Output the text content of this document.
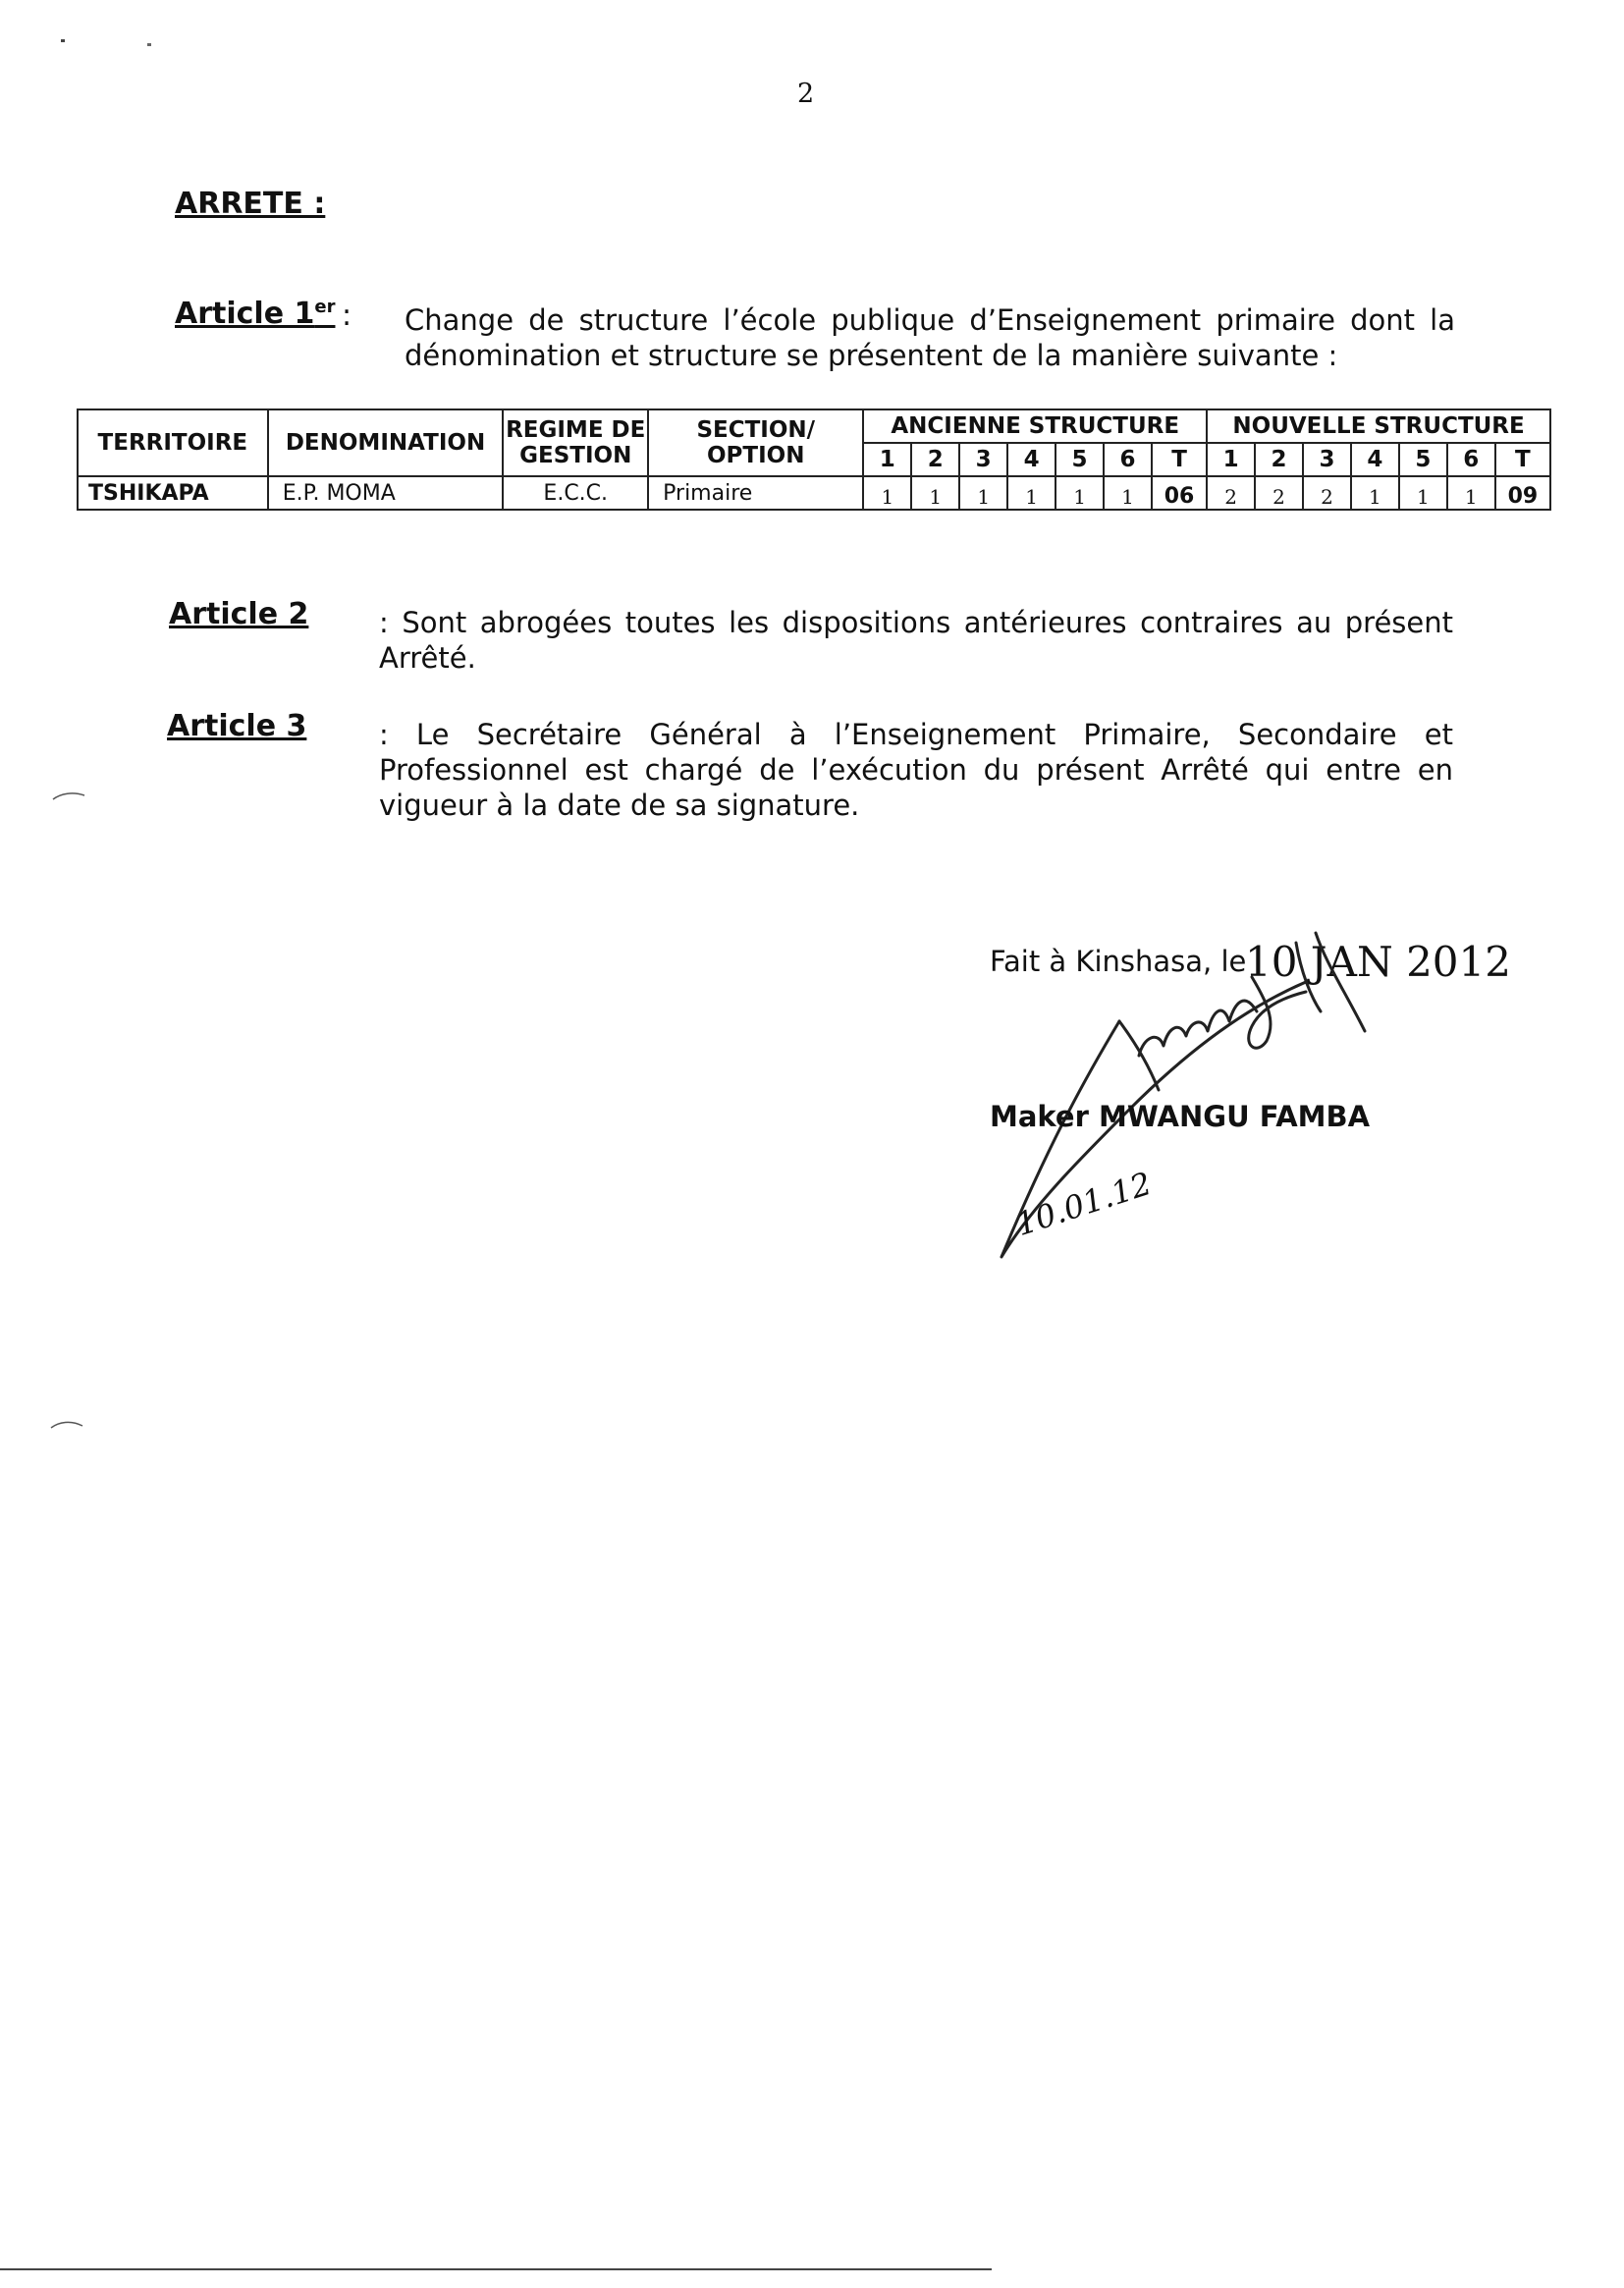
2
ARRETE :
Article 1er : Change de structure l’école publique d’Enseignement primaire dont la dénomination et structure se présentent de la manière suivante :
TERRITOIRE	DENOMINATION	REGIME DE GESTION	SECTION/ OPTION	ANCIENNE STRUCTURE							NOUVELLE STRUCTURE						
				1	2	3	4	5	6	T	1	2	3	4	5	6	T
TSHIKAPA	E.P. MOMA	E.C.C.	Primaire	1	1	1	1	1	1	06	2	2	2	1	1	1	09
Article 2 : Sont abrogées toutes les dispositions antérieures contraires au présent Arrêté.
Article 3	: Le Secrétaire Général à l’Enseignement Primaire, Secondaire et Professionnel est chargé de l’exécution du présent Arrêté qui entre en vigueur à la date de sa signature.
Fait à Kinshasa, le
10 JAN 2012
Maker MWANGU FAMBA
10.01.12
